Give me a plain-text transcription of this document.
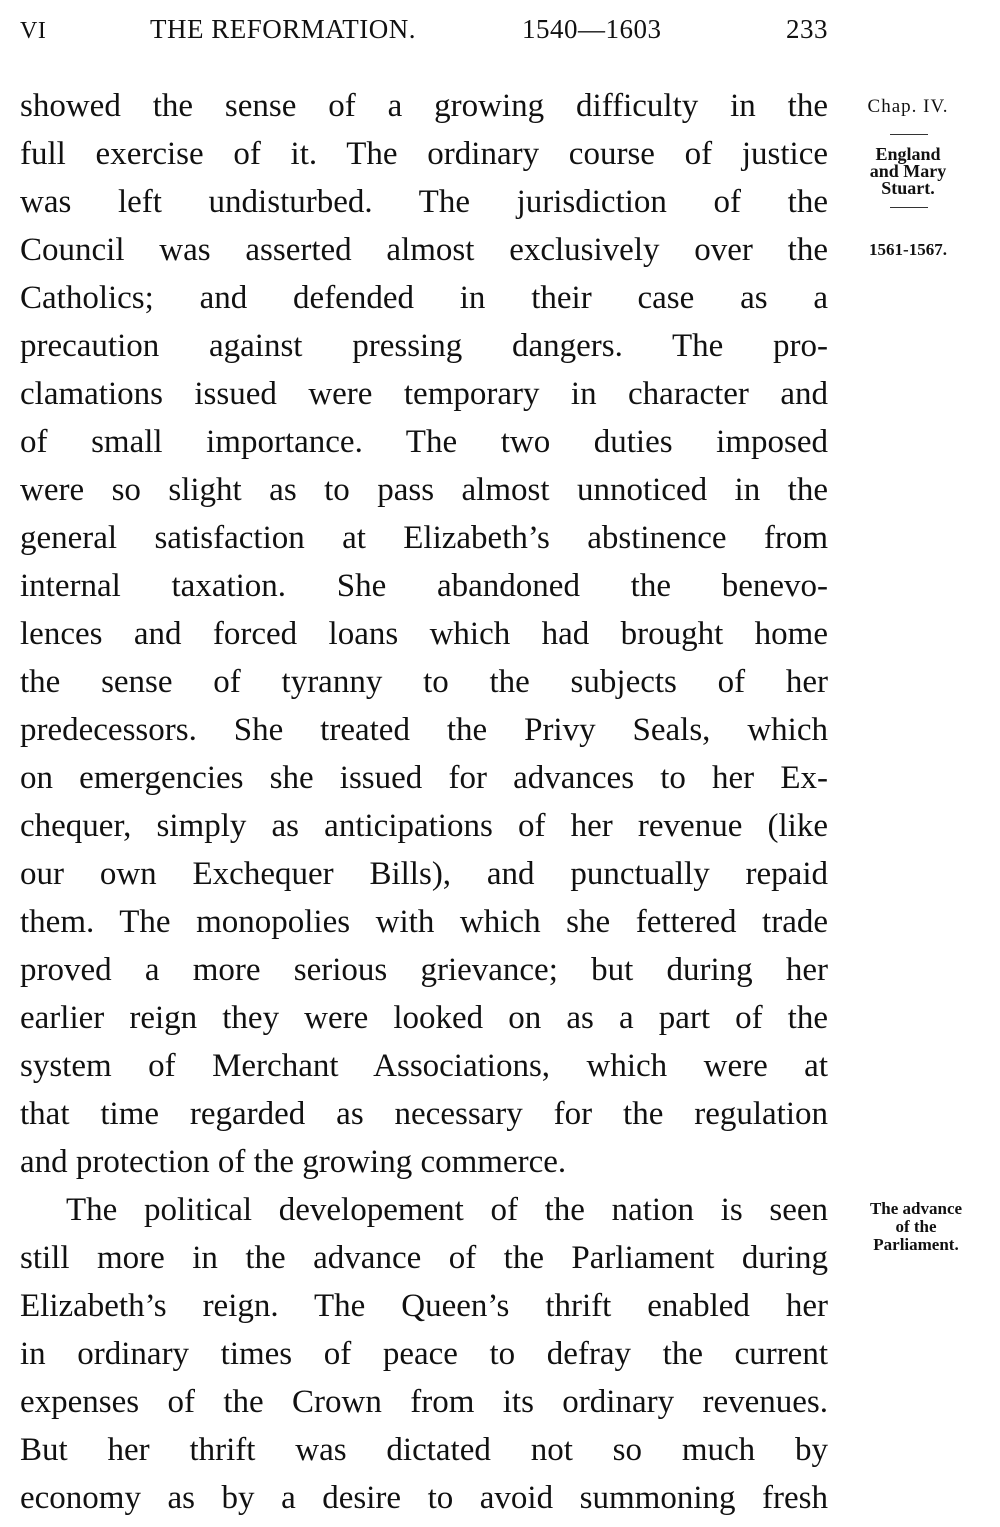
VI	THE REFORMATION.	1540—1603	233
showed the sense of a growing difficulty in the
full exercise of it. The ordinary course of justice
was left undisturbed. The jurisdiction of the
Council was asserted almost exclusively over the
Catholics; and defended in their case as a
precaution against pressing dangers. The pro-
clamations issued were temporary in character and
of small importance. The two duties imposed
were so slight as to pass almost unnoticed in the
general satisfaction at Elizabeth’s abstinence from
internal taxation. She abandoned the benevo-
lences and forced loans which had brought home
the sense of tyranny to the subjects of her
predecessors. She treated the Privy Seals, which
on emergencies she issued for advances to her Ex-
chequer, simply as anticipations of her revenue (like
our own Exchequer Bills), and punctually repaid
them. The monopolies with which she fettered trade
proved a more serious grievance; but during her
earlier reign they were looked on as a part of the
system of Merchant Associations, which were at
that time regarded as necessary for the regulation
and protection of the growing commerce.
The political developement of the nation is seen
still more in the advance of the Parliament during
Elizabeth’s reign. The Queen’s thrift enabled her
in ordinary times of peace to defray the current
expenses of the Crown from its ordinary revenues.
But her thrift was dictated not so much by
economy as by a desire to avoid summoning fresh
Chap. IV.
England
and Mary
Stuart.
1561-1567.
The advance
of the
Parliament.
